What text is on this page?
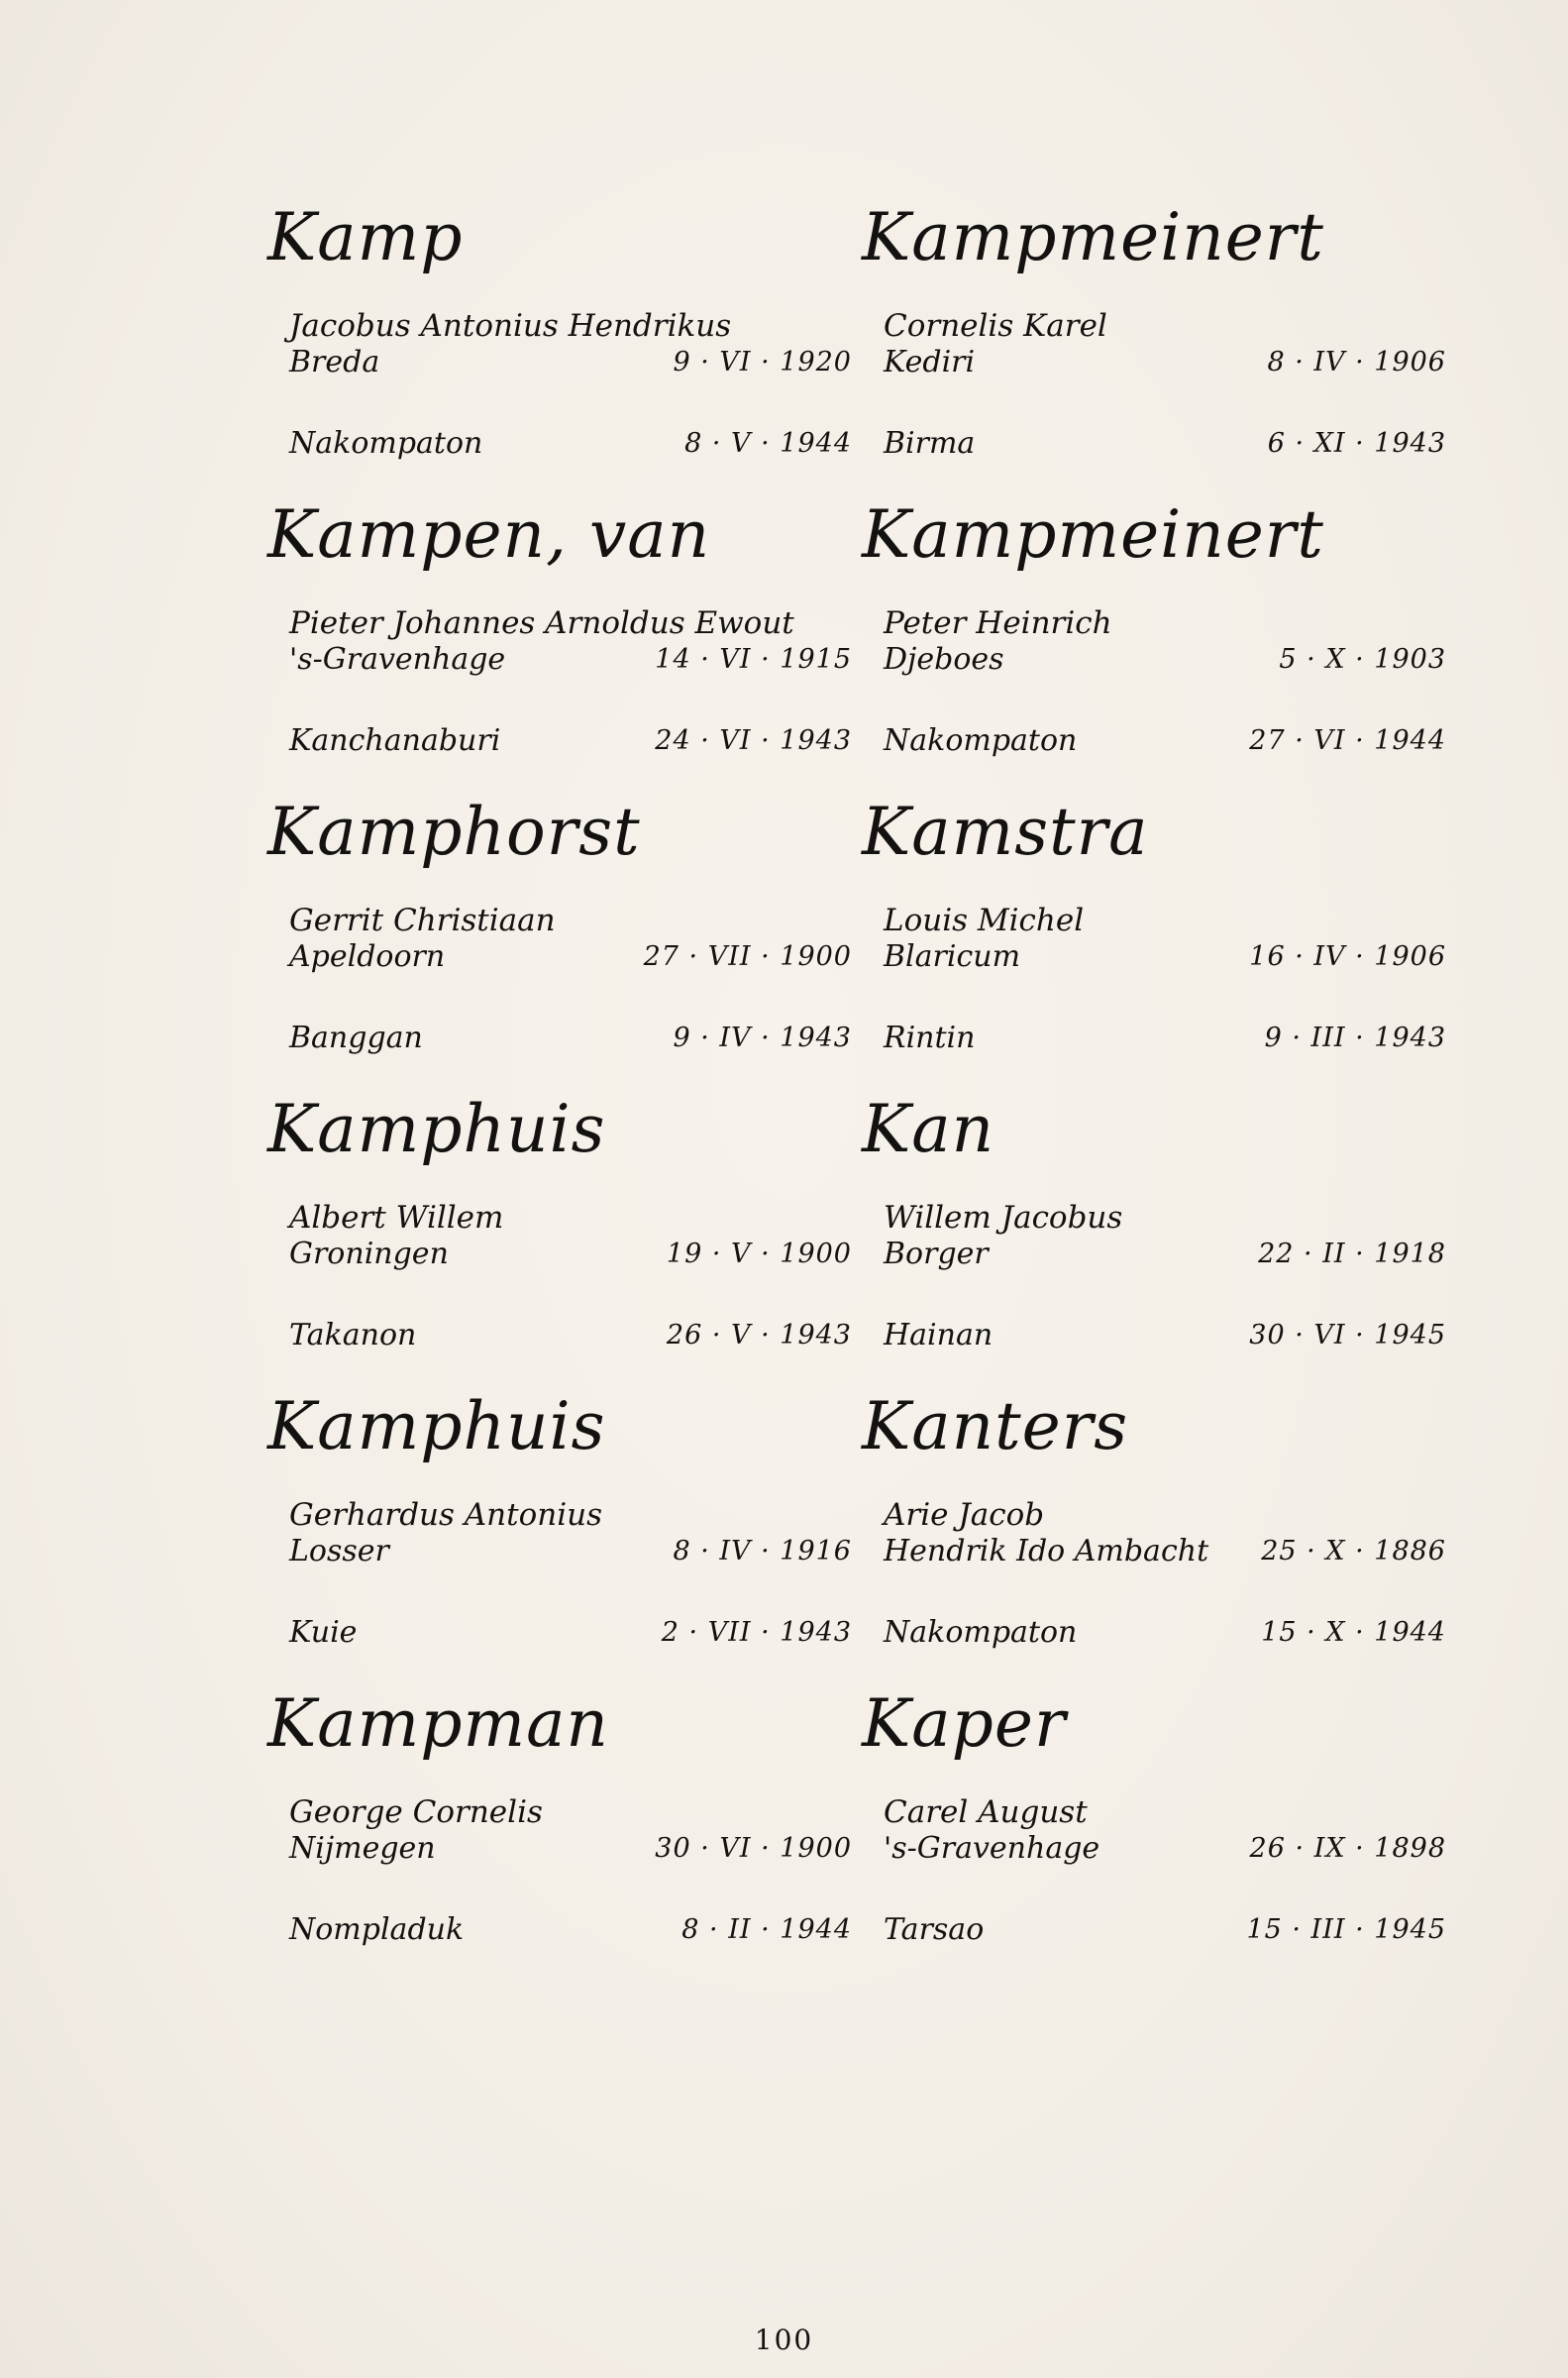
Kamp
Jacobus Antonius Hendrikus
Breda	9 · VI · 1920
Nakompaton	8 · V · 1944
Kampen, van
Pieter Johannes Arnoldus Ewout
's-Gravenhage	14 · VI · 1915
Kanchanaburi	24 · VI · 1943
Kamphorst
Gerrit Christiaan
Apeldoorn	27 · VII · 1900
Banggan	9 · IV · 1943
Kamphuis
Albert Willem
Groningen	19 · V · 1900
Takanon	26 · V · 1943
Kamphuis
Gerhardus Antonius
Losser	8 · IV · 1916
Kuie	2 · VII · 1943
Kampman
George Cornelis
Nijmegen	30 · VI · 1900
Nompladuk	8 · II · 1944
Kampmeinert
Cornelis Karel
Kediri	8 · IV · 1906
Birma	6 · XI · 1943
Kampmeinert
Peter Heinrich
Djeboes	5 · X · 1903
Nakompaton	27 · VI · 1944
Kamstra
Louis Michel
Blaricum	16 · IV · 1906
Rintin	9 · III · 1943
Kan
Willem Jacobus
Borger	22 · II · 1918
Hainan	30 · VI · 1945
Kanters
Arie Jacob
Hendrik Ido Ambacht 25 · X · 1886
Nakompaton	15 · X · 1944
Kaper
Carel August
's-Gravenhage	26 · IX · 1898
Tarsao	15 · III · 1945
100
